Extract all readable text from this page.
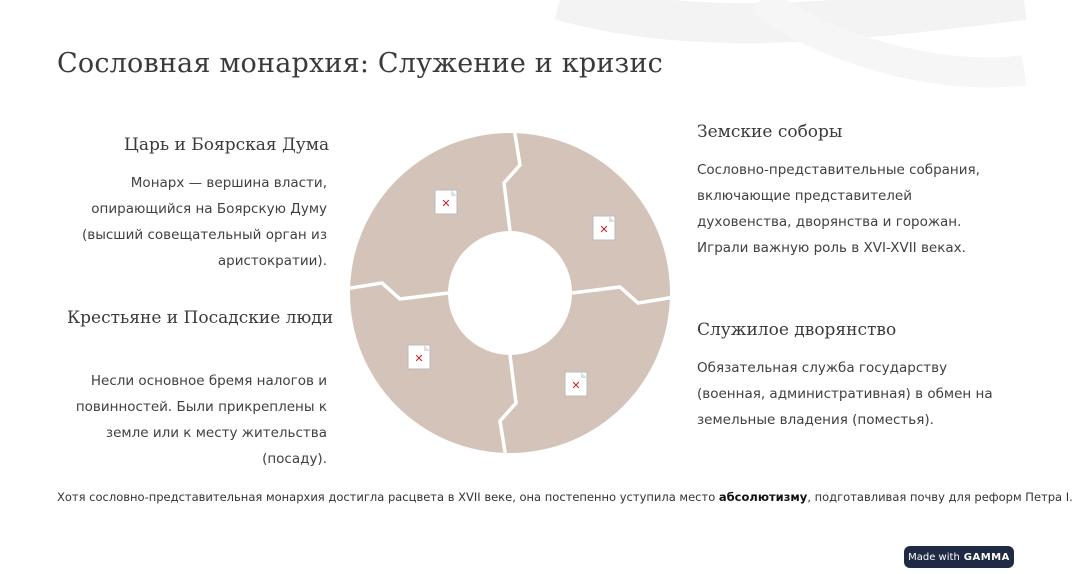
Сословная монархия: Служение и кризис
Царь и Боярская Дума
Монарх — вершина власти,
опирающийся на Боярскую Думу
(высший совещательный орган из
аристократии).
Крестьяне и Посадские люди
Несли основное бремя налогов и
повинностей. Были прикреплены к
земле или к месту жительства (посаду).
Земские соборы
Сословно-представительные собрания,
включающие представителей
духовенства, дворянства и горожан.
Играли важную роль в XVI-XVII веках.
Служилое дворянство
Обязательная служба государству
(военная, административная) в обмен на
земельные владения (поместья).
✕
✕
✕
✕
Хотя сословно-представительная монархия достигла расцвета в XVII веке, она постепенно уступила место абсолютизму, подготавливая почву для реформ Петра I.
Made with GAMMA
